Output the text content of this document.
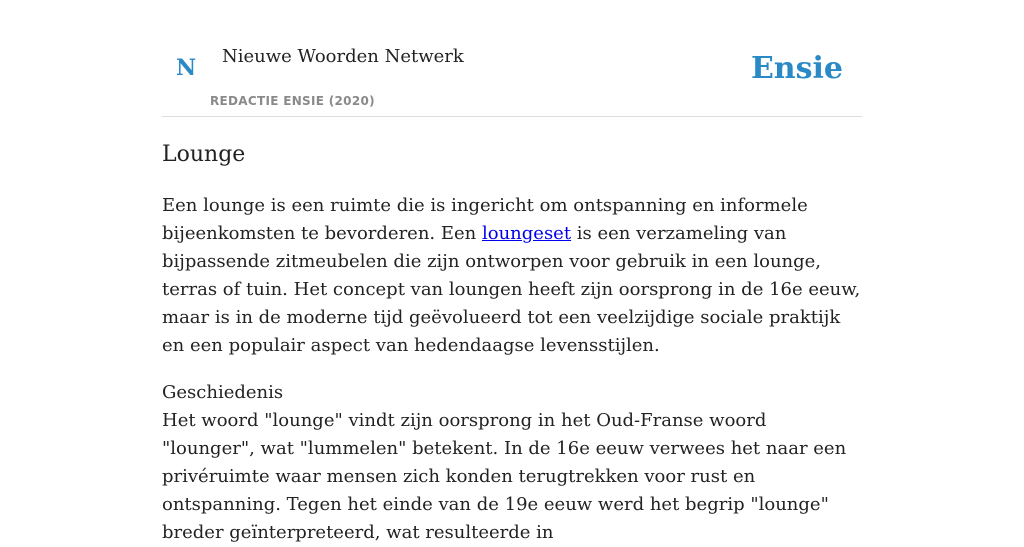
N Nieuwe Woorden Netwerk
REDACTIE ENSIE (2020)
Ensie
Lounge

Een lounge is een ruimte die is ingericht om ontspanning en informele bijeenkomsten te bevorderen. Een loungeset is een verzameling van bijpassende zitmeubelen die zijn ontworpen voor gebruik in een lounge, terras of tuin. Het concept van loungen heeft zijn oorsprong in de 16e eeuw, maar is in de moderne tijd geëvolueerd tot een veelzijdige sociale praktijk en een populair aspect van hedendaagse levensstijlen.

Geschiedenis
Het woord "lounge" vindt zijn oorsprong in het Oud-Franse woord "lounger", wat "lummelen" betekent. In de 16e eeuw verwees het naar een privéruimte waar mensen zich konden terugtrekken voor rust en ontspanning. Tegen het einde van de 19e eeuw werd het begrip "lounge" breder geïnterpreteerd, wat resulteerde in
